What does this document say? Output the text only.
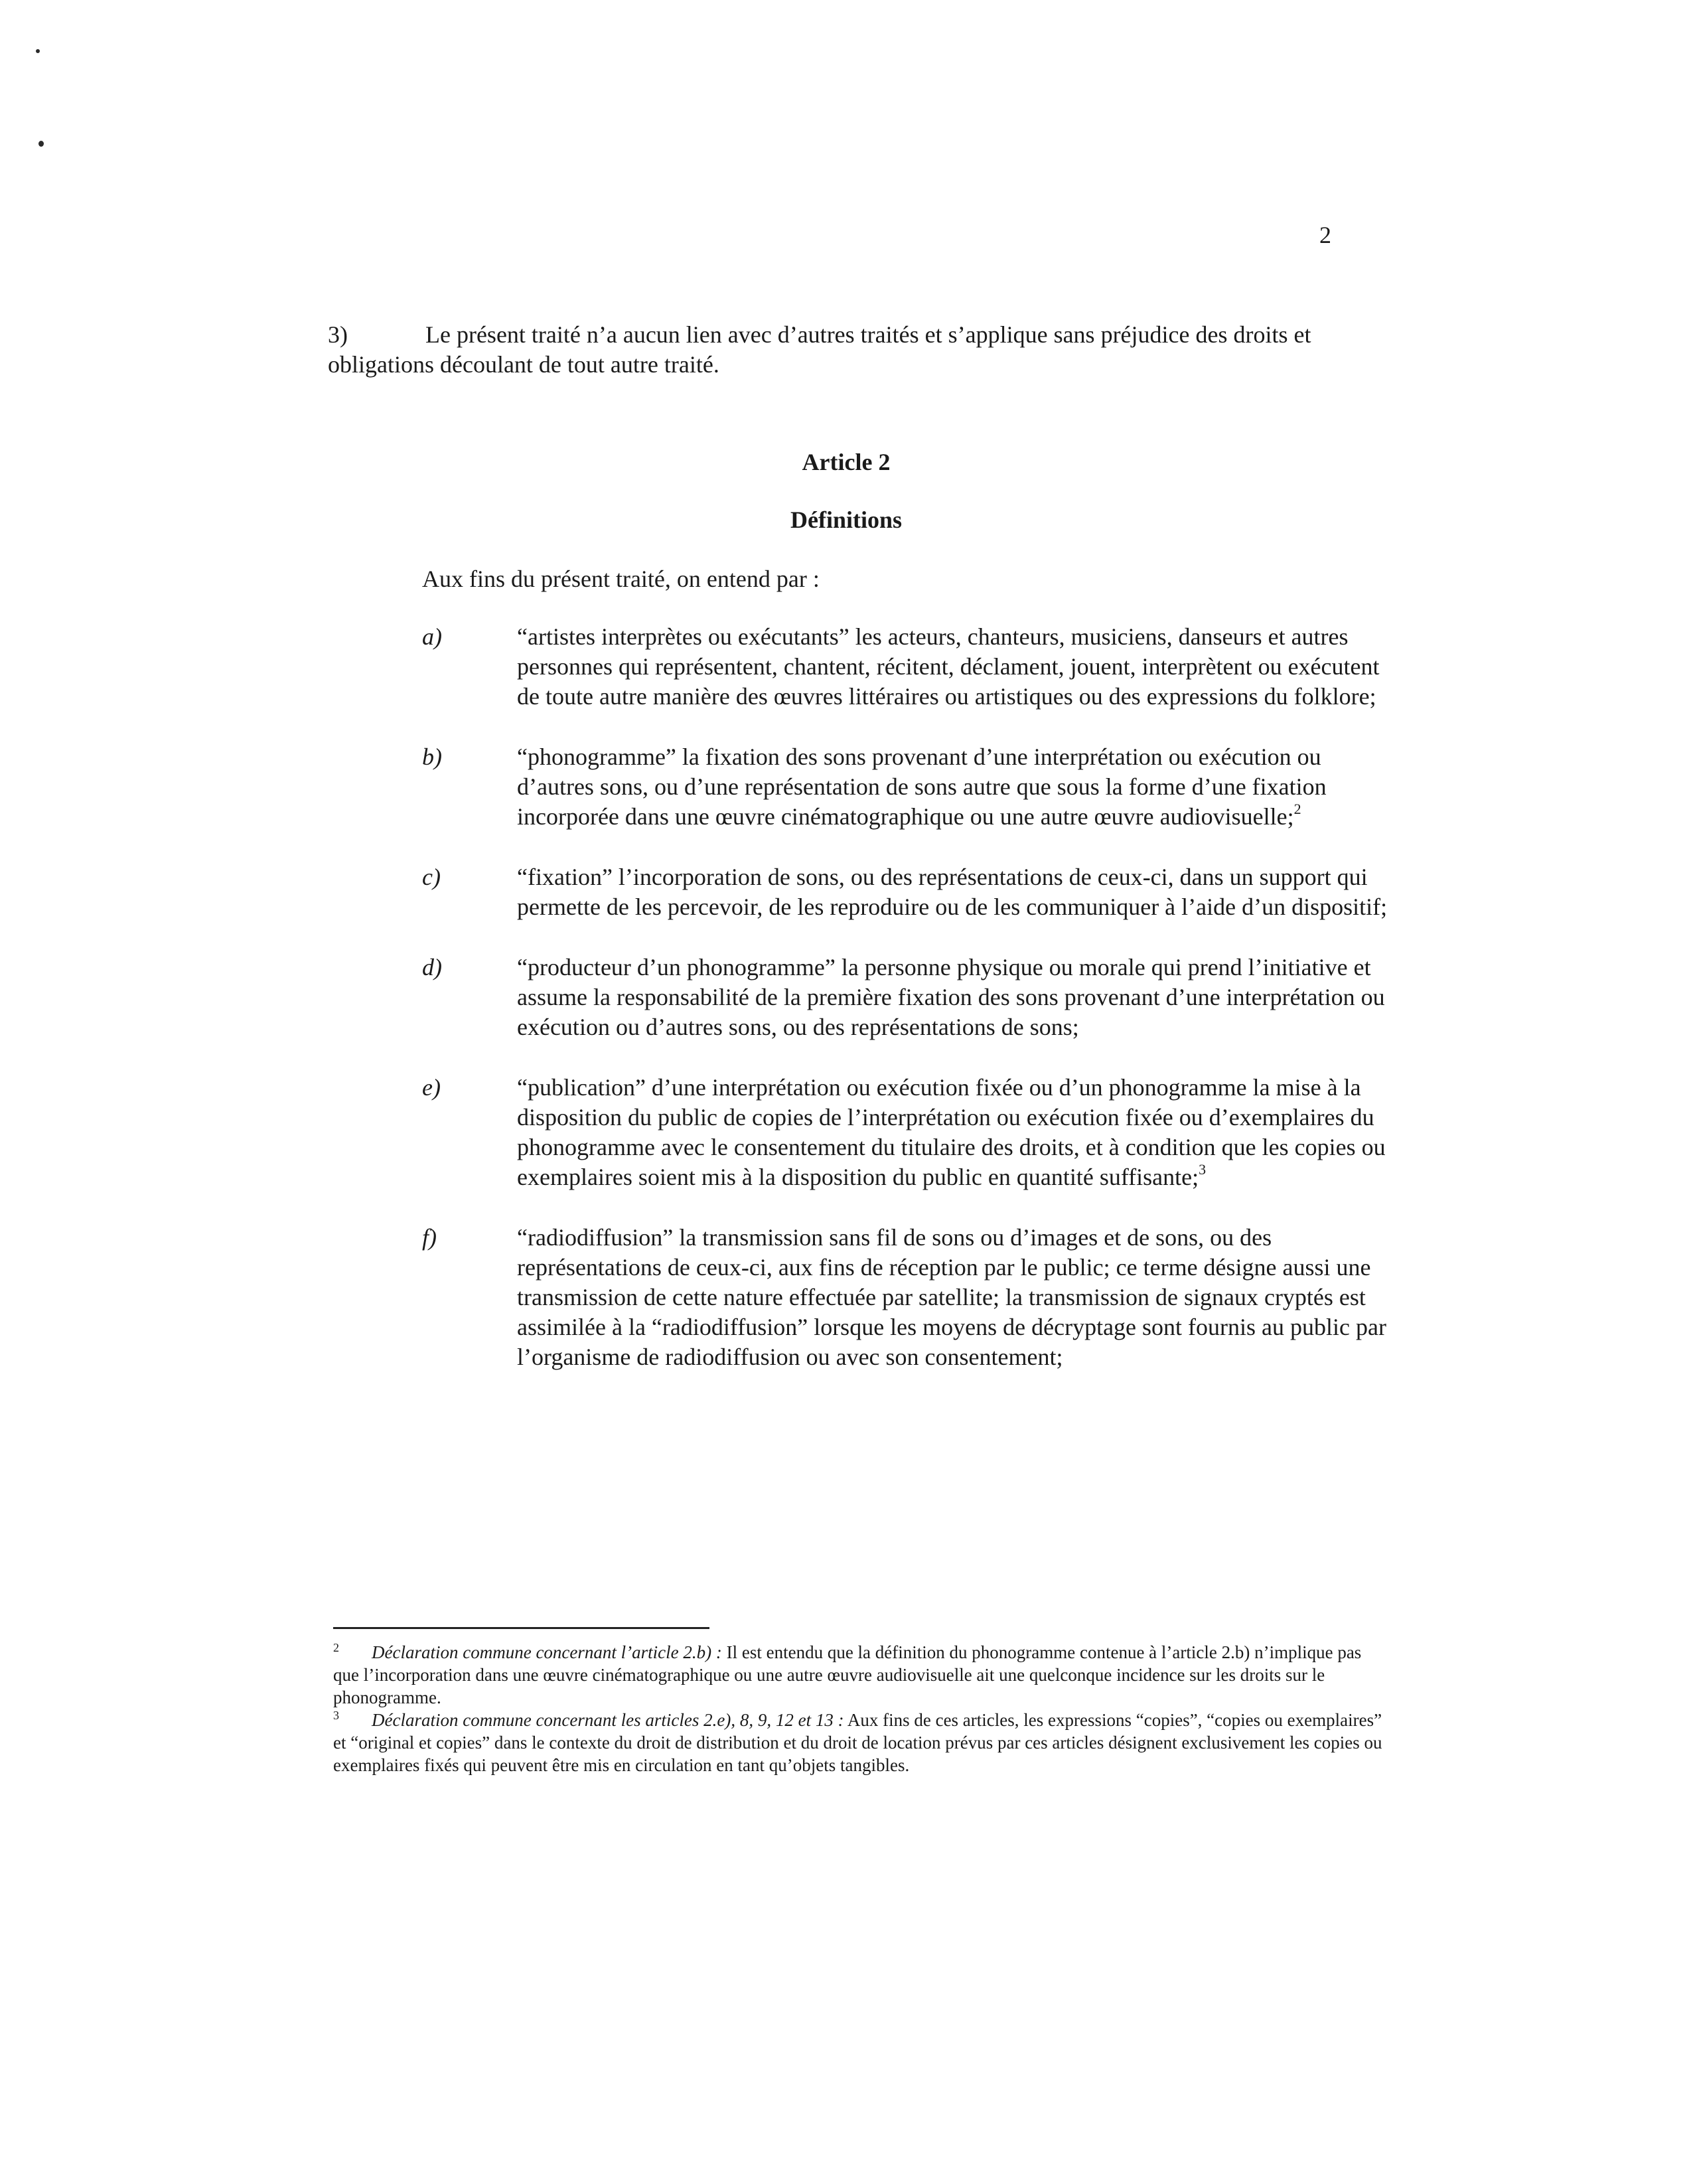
2
3)	Le présent traité n’a aucun lien avec d’autres traités et s’applique sans préjudice des droits et obligations découlant de tout autre traité.
Article 2
Définitions
Aux fins du présent traité, on entend par :
a)	“artistes interprètes ou exécutants” les acteurs, chanteurs, musiciens, danseurs et autres personnes qui représentent, chantent, récitent, déclament, jouent, interprètent ou exécutent de toute autre manière des œuvres littéraires ou artistiques ou des expressions du folklore;
b)	“phonogramme” la fixation des sons provenant d’une interprétation ou exécution ou d’autres sons, ou d’une représentation de sons autre que sous la forme d’une fixation incorporée dans une œuvre cinématographique ou une autre œuvre audiovisuelle;$^2$
c)	“fixation” l’incorporation de sons, ou des représentations de ceux-ci, dans un support qui permette de les percevoir, de les reproduire ou de les communiquer à l’aide d’un dispositif;
d)	“producteur d’un phonogramme” la personne physique ou morale qui prend l’initiative et assume la responsabilité de la première fixation des sons provenant d’une interprétation ou exécution ou d’autres sons, ou des représentations de sons;
e)	“publication” d’une interprétation ou exécution fixée ou d’un phonogramme la mise à la disposition du public de copies de l’interprétation ou exécution fixée ou d’exemplaires du phonogramme avec le consentement du titulaire des droits, et à condition que les copies ou exemplaires soient mis à la disposition du public en quantité suffisante;$^3$
f)	“radiodiffusion” la transmission sans fil de sons ou d’images et de sons, ou des représentations de ceux-ci, aux fins de réception par le public; ce terme désigne aussi une transmission de cette nature effectuée par satellite; la transmission de signaux cryptés est assimilée à la “radiodiffusion” lorsque les moyens de décryptage sont fournis au public par l’organisme de radiodiffusion ou avec son consentement;

2 Déclaration commune concernant l’article 2.b) : Il est entendu que la définition du phonogramme contenue à l’article 2.b) n’implique pas que l’incorporation dans une œuvre cinématographique ou une autre œuvre audiovisuelle ait une quelconque incidence sur les droits sur le phonogramme.

3 Déclaration commune concernant les articles 2.e), 8, 9, 12 et 13 : Aux fins de ces articles, les expressions “copies”, “copies ou exemplaires” et “original et copies” dans le contexte du droit de distribution et du droit de location prévus par ces articles désignent exclusivement les copies ou exemplaires fixés qui peuvent être mis en circulation en tant qu’objets tangibles.
